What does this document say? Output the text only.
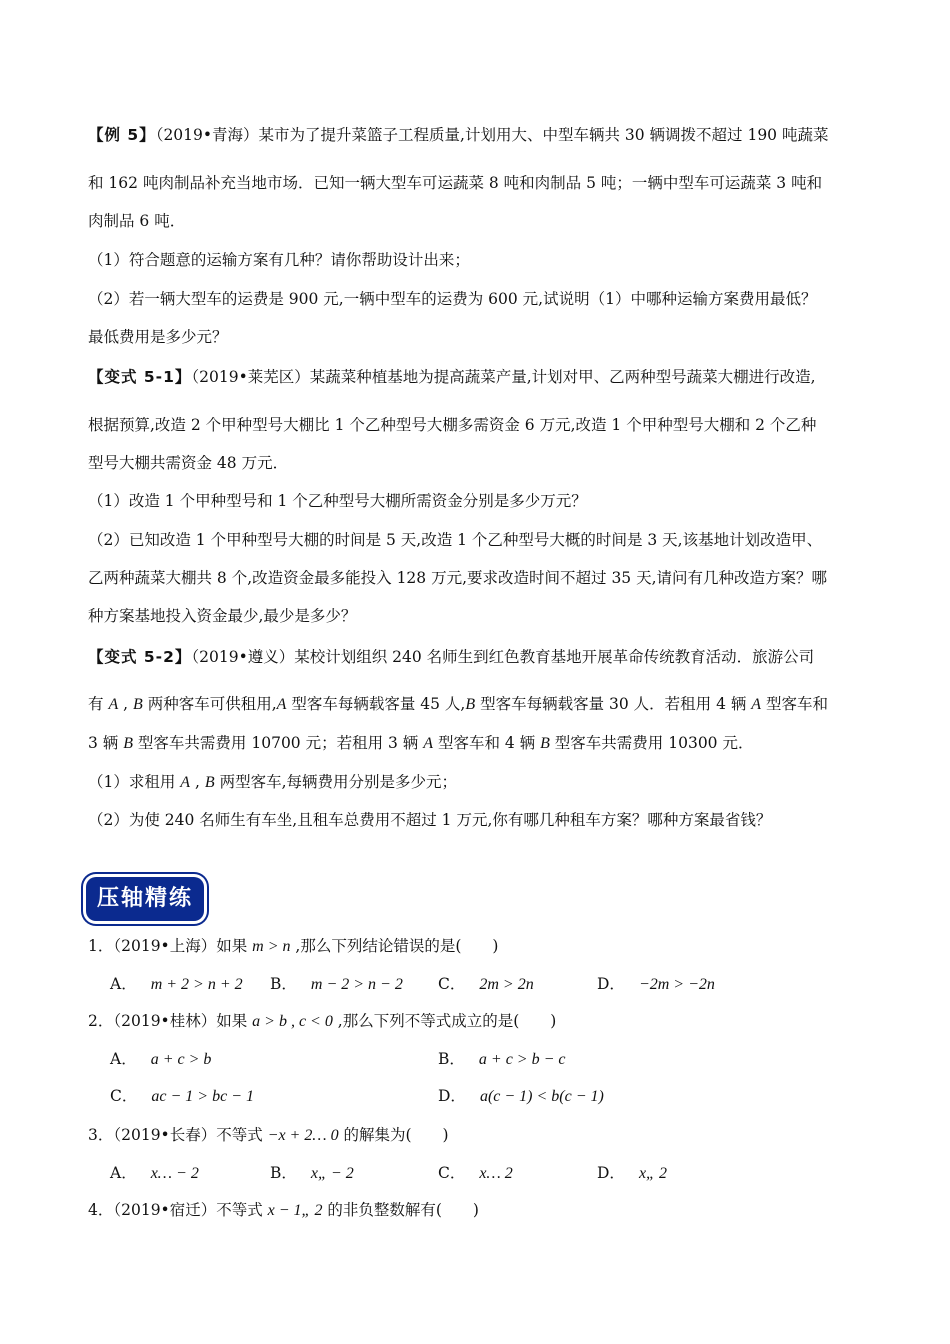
【例 5】（2019•青海）某市为了提升菜篮子工程质量,计划用大、中型车辆共 30 辆调拨不超过 190 吨蔬菜
和 162 吨肉制品补充当地市场．已知一辆大型车可运蔬菜 8 吨和肉制品 5 吨；一辆中型车可运蔬菜 3 吨和
肉制品 6 吨．
（1）符合题意的运输方案有几种？请你帮助设计出来；
（2）若一辆大型车的运费是 900 元,一辆中型车的运费为 600 元,试说明（1）中哪种运输方案费用最低？
最低费用是多少元？
【变式 5-1】（2019•莱芜区）某蔬菜种植基地为提高蔬菜产量,计划对甲、乙两种型号蔬菜大棚进行改造,
根据预算,改造 2 个甲种型号大棚比 1 个乙种型号大棚多需资金 6 万元,改造 1 个甲种型号大棚和 2 个乙种
型号大棚共需资金 48 万元．
（1）改造 1 个甲种型号和 1 个乙种型号大棚所需资金分别是多少万元？
（2）已知改造 1 个甲种型号大棚的时间是 5 天,改造 1 个乙种型号大概的时间是 3 天,该基地计划改造甲、
乙两种蔬菜大棚共 8 个,改造资金最多能投入 128 万元,要求改造时间不超过 35 天,请问有几种改造方案？哪
种方案基地投入资金最少,最少是多少？
【变式 5-2】（2019•遵义）某校计划组织 240 名师生到红色教育基地开展革命传统教育活动．旅游公司
有 A , B 两种客车可供租用,A 型客车每辆载客量 45 人,B 型客车每辆载客量 30 人．若租用 4 辆 A 型客车和
3 辆 B 型客车共需费用 10700 元；若租用 3 辆 A 型客车和 4 辆 B 型客车共需费用 10300 元．
（1）求租用 A , B 两型客车,每辆费用分别是多少元；
（2）为使 240 名师生有车坐,且租车总费用不超过 1 万元,你有哪几种租车方案？哪种方案最省钱？
压轴精练
1．（2019•上海）如果 m > n ,那么下列结论错误的是(　　)
A． m + 2 > n + 2 B． m − 2 > n − 2 C． 2m > 2n	D． −2m > −2n
2．（2019•桂林）如果 a > b , c < 0 ,那么下列不等式成立的是(　　)
A． a + c > b	B． a + c > b − c
C． ac − 1 > bc − 1	D． a(c − 1) < b(c − 1)
3．（2019•长春）不等式 −x + 2… 0 的解集为(　　)
A． x… − 2	B． x„ − 2	C． x… 2	D． x„ 2
4．（2019•宿迁）不等式 x − 1„ 2 的非负整数解有(　　)
